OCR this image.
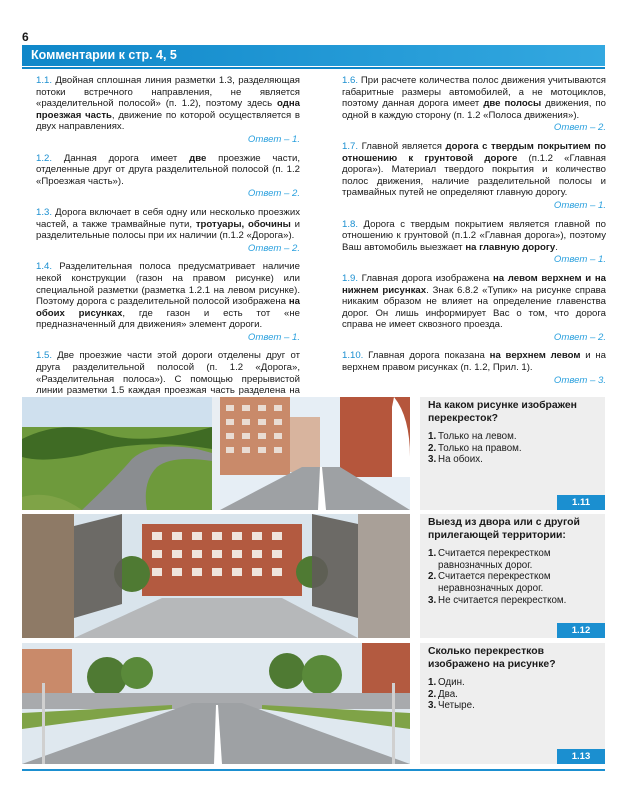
6
Комментарии к стр. 4, 5

1.1. Двойная сплошная линия разметки 1.3, разделяющая потоки встречного направления, не является «разделительной полосой» (п. 1.2), поэтому здесь одна проезжая часть, движение по которой осуществляется в двух направлениях.
Ответ – 1.

1.2. Данная дорога имеет две проезжие части, отделенные друг от друга разделительной полосой (п. 1.2 «Проезжая часть»).
Ответ – 2.

1.3. Дорога включает в себя одну или несколько проезжих частей, а также трамвайные пути, тротуары, обочины и разделительные полосы при их наличии (п.1.2 «Дорога»).
Ответ – 2.

1.4. Разделительная полоса предусматривает наличие некой конструкции (газон на правом рисунке) или специальной разметки (разметка 1.2.1 на левом рисунке). Поэтому дорога с разделительной полосой изображена на обоих рисунках, где газон и есть тот «не предназначенный для движения» элемент дороги.
Ответ – 1.

1.5. Две проезжие части этой дороги отделены друг от друга разделительной полосой (п. 1.2 «Дорога», «Разделительная полоса»). С помощью прерывистой линии разметки 1.5 каждая проезжая часть разделена на

1.6. При расчете количества полос движения учитываются габаритные размеры автомобилей, а не мотоциклов, поэтому данная дорога имеет две полосы движения, по одной в каждую сторону (п. 1.2 «Полоса движения»).
Ответ – 2.

1.7. Главной является дорога с твердым покрытием по отношению к грунтовой дороге (п.1.2 «Главная дорога»). Материал твердого покрытия и количество полос движения, наличие разделительной полосы и трамвайных путей не определяют главную дорогу.
Ответ – 1.

1.8. Дорога с твердым покрытием является главной по отношению к грунтовой (п.1.2 «Главная дорога»), поэтому Ваш автомобиль выезжает на главную дорогу.
Ответ – 1.

1.9. Главная дорога изображена на левом верхнем и на нижнем рисунках. Знак 6.8.2 «Тупик» на рисунке справа никаким образом не влияет на определение главенства дорог. Он лишь информирует Вас о том, что дорога справа не имеет сквозного проезда.
Ответ – 2.

1.10. Главная дорога показана на верхнем левом и на верхнем правом рисунках (п. 1.2, Прил. 1).
Ответ – 3.

На каком рисунке изображен перекресток?
1. Только на левом.
2. Только на правом.
3. На обоих.
1.11
Выезд из двора или с другой прилегающей территории:
1. Считается перекрестком равнозначных дорог.
2. Считается перекрестком неравнозначных дорог.
3. Не считается перекрестком.
1.12
Сколько перекрестков изображено на рисунке?
1. Один.
2. Два.
3. Четыре.
1.13
